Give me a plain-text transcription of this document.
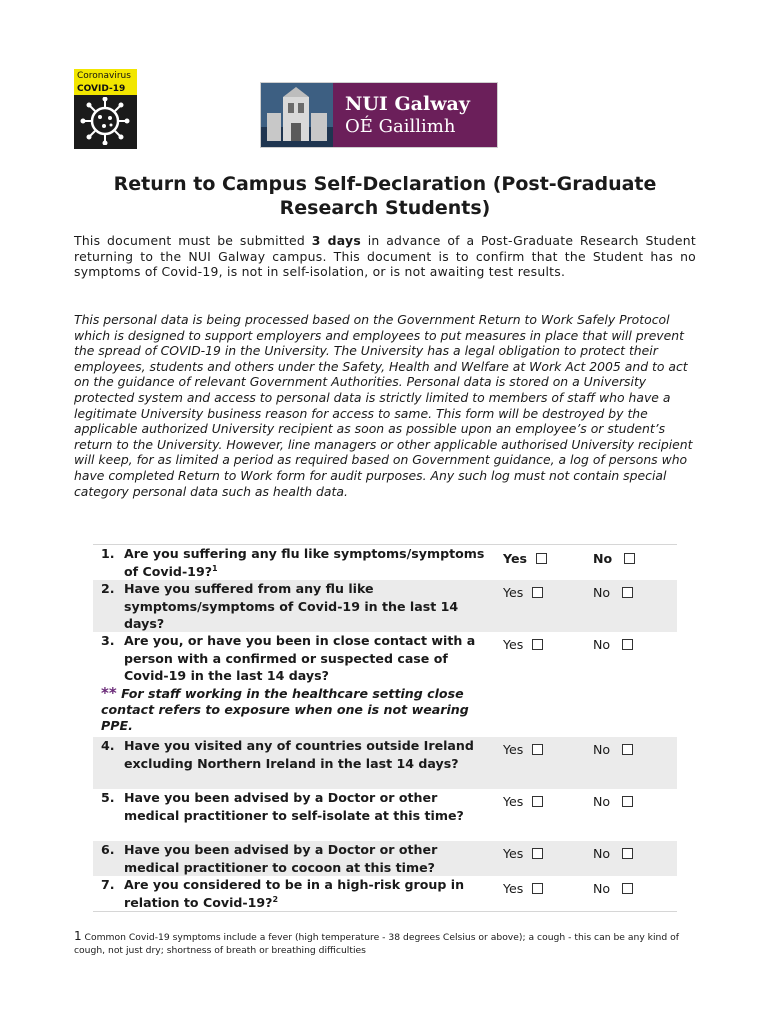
Coronavirus
COVID-19
NUI Galway
OÉ Gaillimh
Return to Campus Self-Declaration (Post-Graduate Research Students)

This document must be submitted 3 days in advance of a Post-Graduate Research Student returning to the NUI Galway campus. This document is to confirm that the Student has no symptoms of Covid-19, is not in self-isolation, or is not awaiting test results.

This personal data is being processed based on the Government Return to Work Safely Protocol which is designed to support employers and employees to put measures in place that will prevent the spread of COVID-19 in the University. The University has a legal obligation to protect their employees, students and others under the Safety, Health and Welfare at Work Act 2005 and to act on the guidance of relevant Government Authorities. Personal data is stored on a University protected system and access to personal data is strictly limited to members of staff who have a legitimate University business reason for access to same. This form will be destroyed by the applicable authorized University recipient as soon as possible upon an employee’s or student’s return to the University. However, line managers or other applicable authorised University recipient will keep, for as limited a period as required based on Government guidance, a log of persons who have completed Return to Work form for audit purposes. Any such log must not contain special category personal data such as health data.

1. Are you suffering any flu like symptoms/symptoms of Covid-19?$^1$
Yes	No
2. Have you suffered from any flu like symptoms/symptoms of Covid-19 in the last 14 days?
Yes	No
3. Are you, or have you been in close contact with a person with a confirmed or suspected case of Covid-19 in the last 14 days?
** For staff working in the healthcare setting close contact refers to exposure when one is not wearing PPE.
Yes	No
4. Have you visited any of countries outside Ireland excluding Northern Ireland in the last 14 days?
Yes	No
5. Have you been advised by a Doctor or other medical practitioner to self-isolate at this time?
Yes	No
6. Have you been advised by a Doctor or other medical practitioner to cocoon at this time?
Yes	No
7. Are you considered to be in a high-risk group in relation to Covid-19?$^2$
Yes	No

1 Common Covid-19 symptoms include a fever (high temperature - 38 degrees Celsius or above); a cough - this can be any kind of cough, not just dry; shortness of breath or breathing difficulties
